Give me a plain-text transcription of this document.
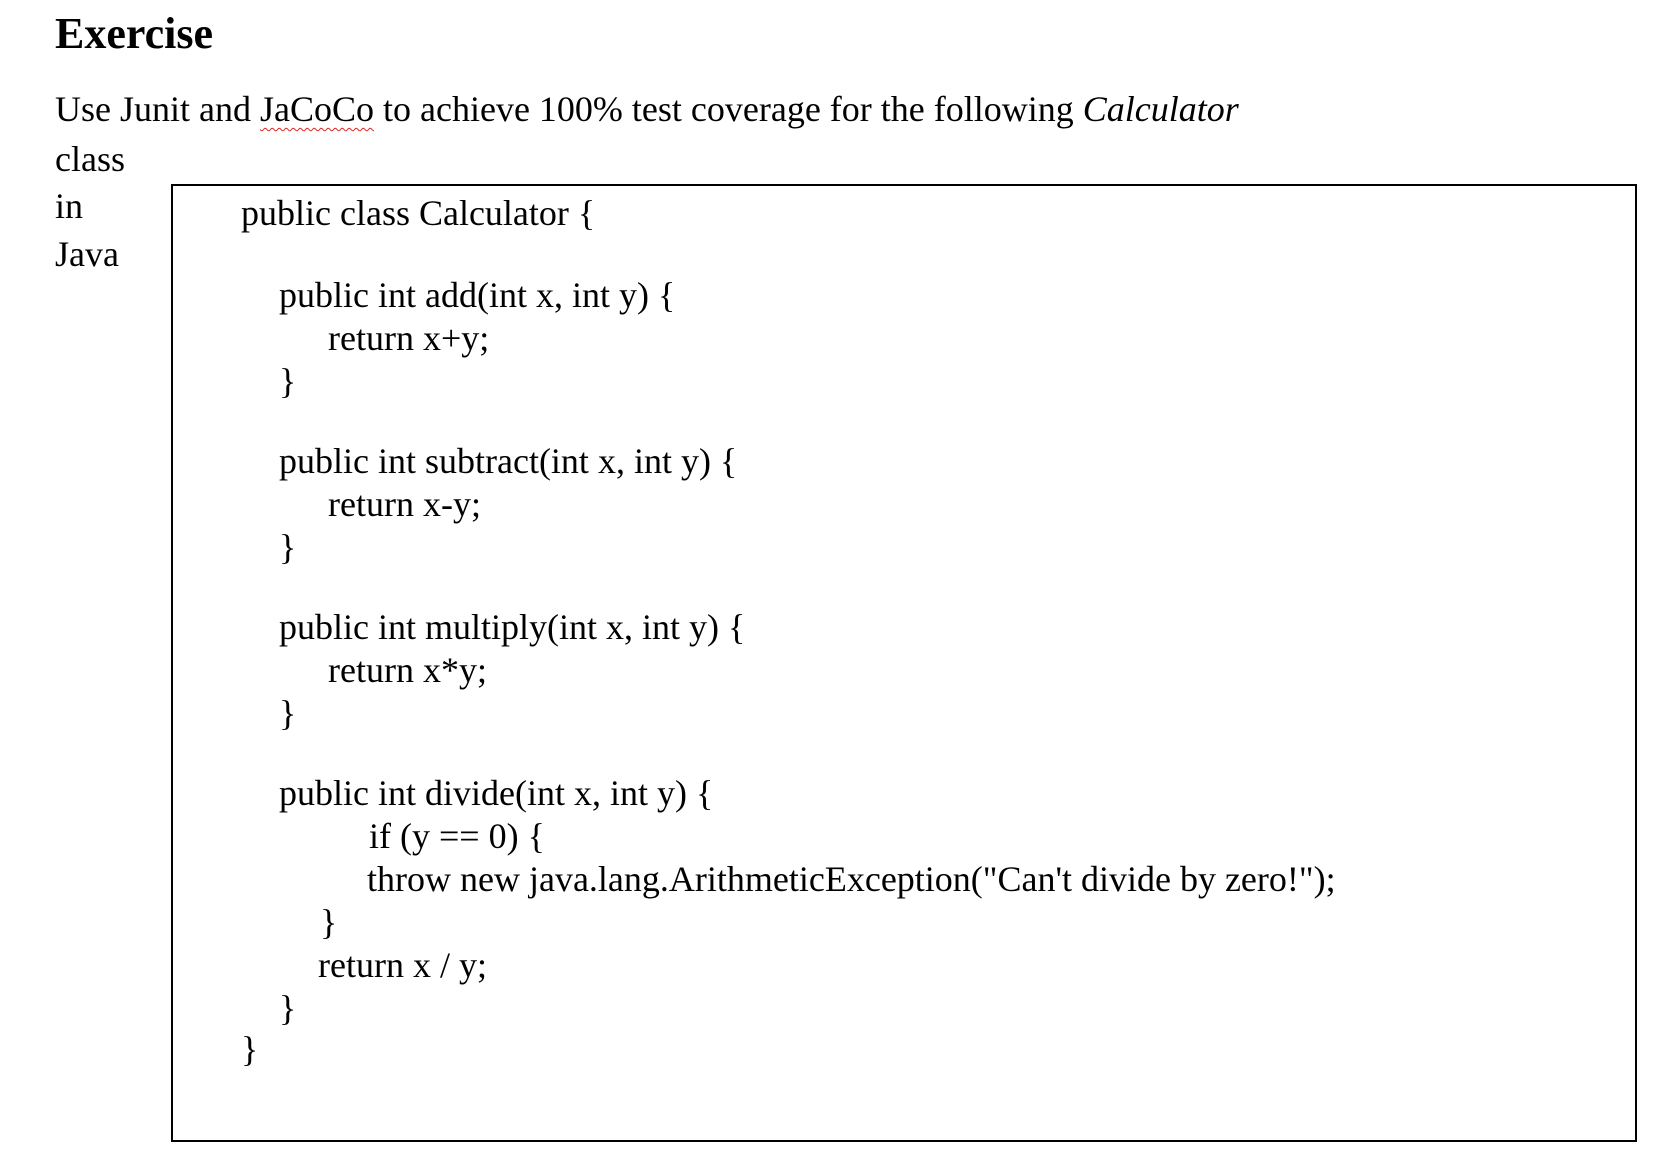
Exercise
Use Junit and JaCoCo to achieve 100% test coverage for the following Calculator
class
in
Java
public class Calculator {
public int add(int x, int y) {
return x+y;
}
public int subtract(int x, int y) {
return x-y;
}
public int multiply(int x, int y) {
return x*y;
}
public int divide(int x, int y) {
if (y == 0) {
throw new java.lang.ArithmeticException("Can't divide by zero!");
}
return x / y;
}
}
